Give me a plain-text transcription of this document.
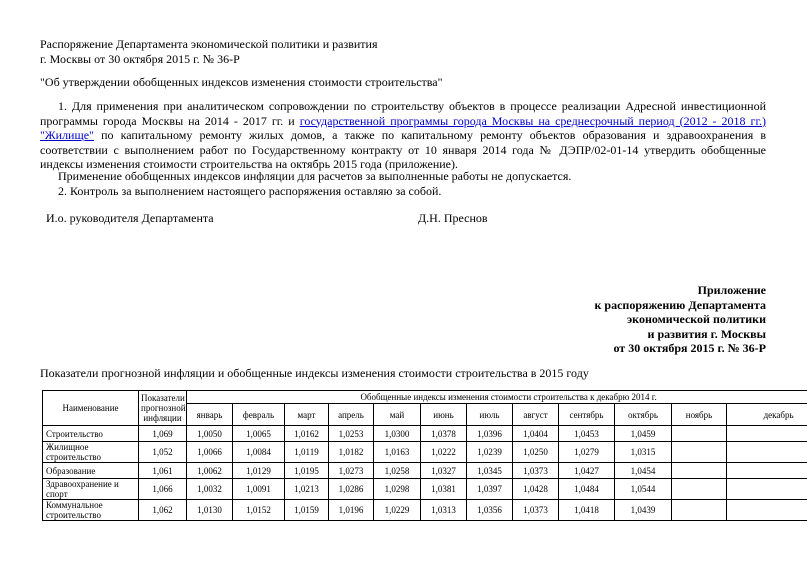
Распоряжение Департамента экономической политики и развития
г. Москвы от 30 октября 2015 г. № 36-Р
"Об утверждении обобщенных индексов изменения стоимости строительства"
1. Для применения при аналитическом сопровождении по строительству объектов в процессе реализации Адресной инвестиционной программы города Москвы на 2014 - 2017 гг. и государственной программы города Москвы на среднесрочный период (2012 - 2018 гг.) "Жилище" по капитальному ремонту жилых домов, а также по капитальному ремонту объектов образования и здравоохранения в соответствии с выполнением работ по Государственному контракту от 10 января 2014 года № ДЭПР/02-01-14 утвердить обобщенные индексы изменения стоимости строительства на октябрь 2015 года (приложение).
Применение обобщенных индексов инфляции для расчетов за выполненные работы не допускается.
2. Контроль за выполнением настоящего распоряжения оставляю за собой.
И.о. руководителя Департамента	Д.Н. Преснов
Приложение
к распоряжению Департамента
экономической политики
и развития г. Москвы
от 30 октября 2015 г. № 36-Р
Показатели прогнозной инфляции и обобщенные индексы изменения стоимости строительства в 2015 году
Наименование	Показатели прогнозной инфляции	Обобщенные индексы изменения стоимости строительства к декабрю 2014 г.											
		январь	февраль	март	апрель	май	июнь	июль	август	сентябрь	октябрь	ноябрь	декабрь
Строительство	1,069	1,0050	1,0065	1,0162	1,0253	1,0300	1,0378	1,0396	1,0404	1,0453	1,0459		
Жилищное строительство	1,052	1,0066	1,0084	1,0119	1,0182	1,0163	1,0222	1,0239	1,0250	1,0279	1,0315		
Образование	1,061	1,0062	1,0129	1,0195	1,0273	1,0258	1,0327	1,0345	1,0373	1,0427	1,0454		
Здравоохранение и спорт	1,066	1,0032	1,0091	1,0213	1,0286	1,0298	1,0381	1,0397	1,0428	1,0484	1,0544		
Коммунальное строительство	1,062	1,0130	1,0152	1,0159	1,0196	1,0229	1,0313	1,0356	1,0373	1,0418	1,0439		
